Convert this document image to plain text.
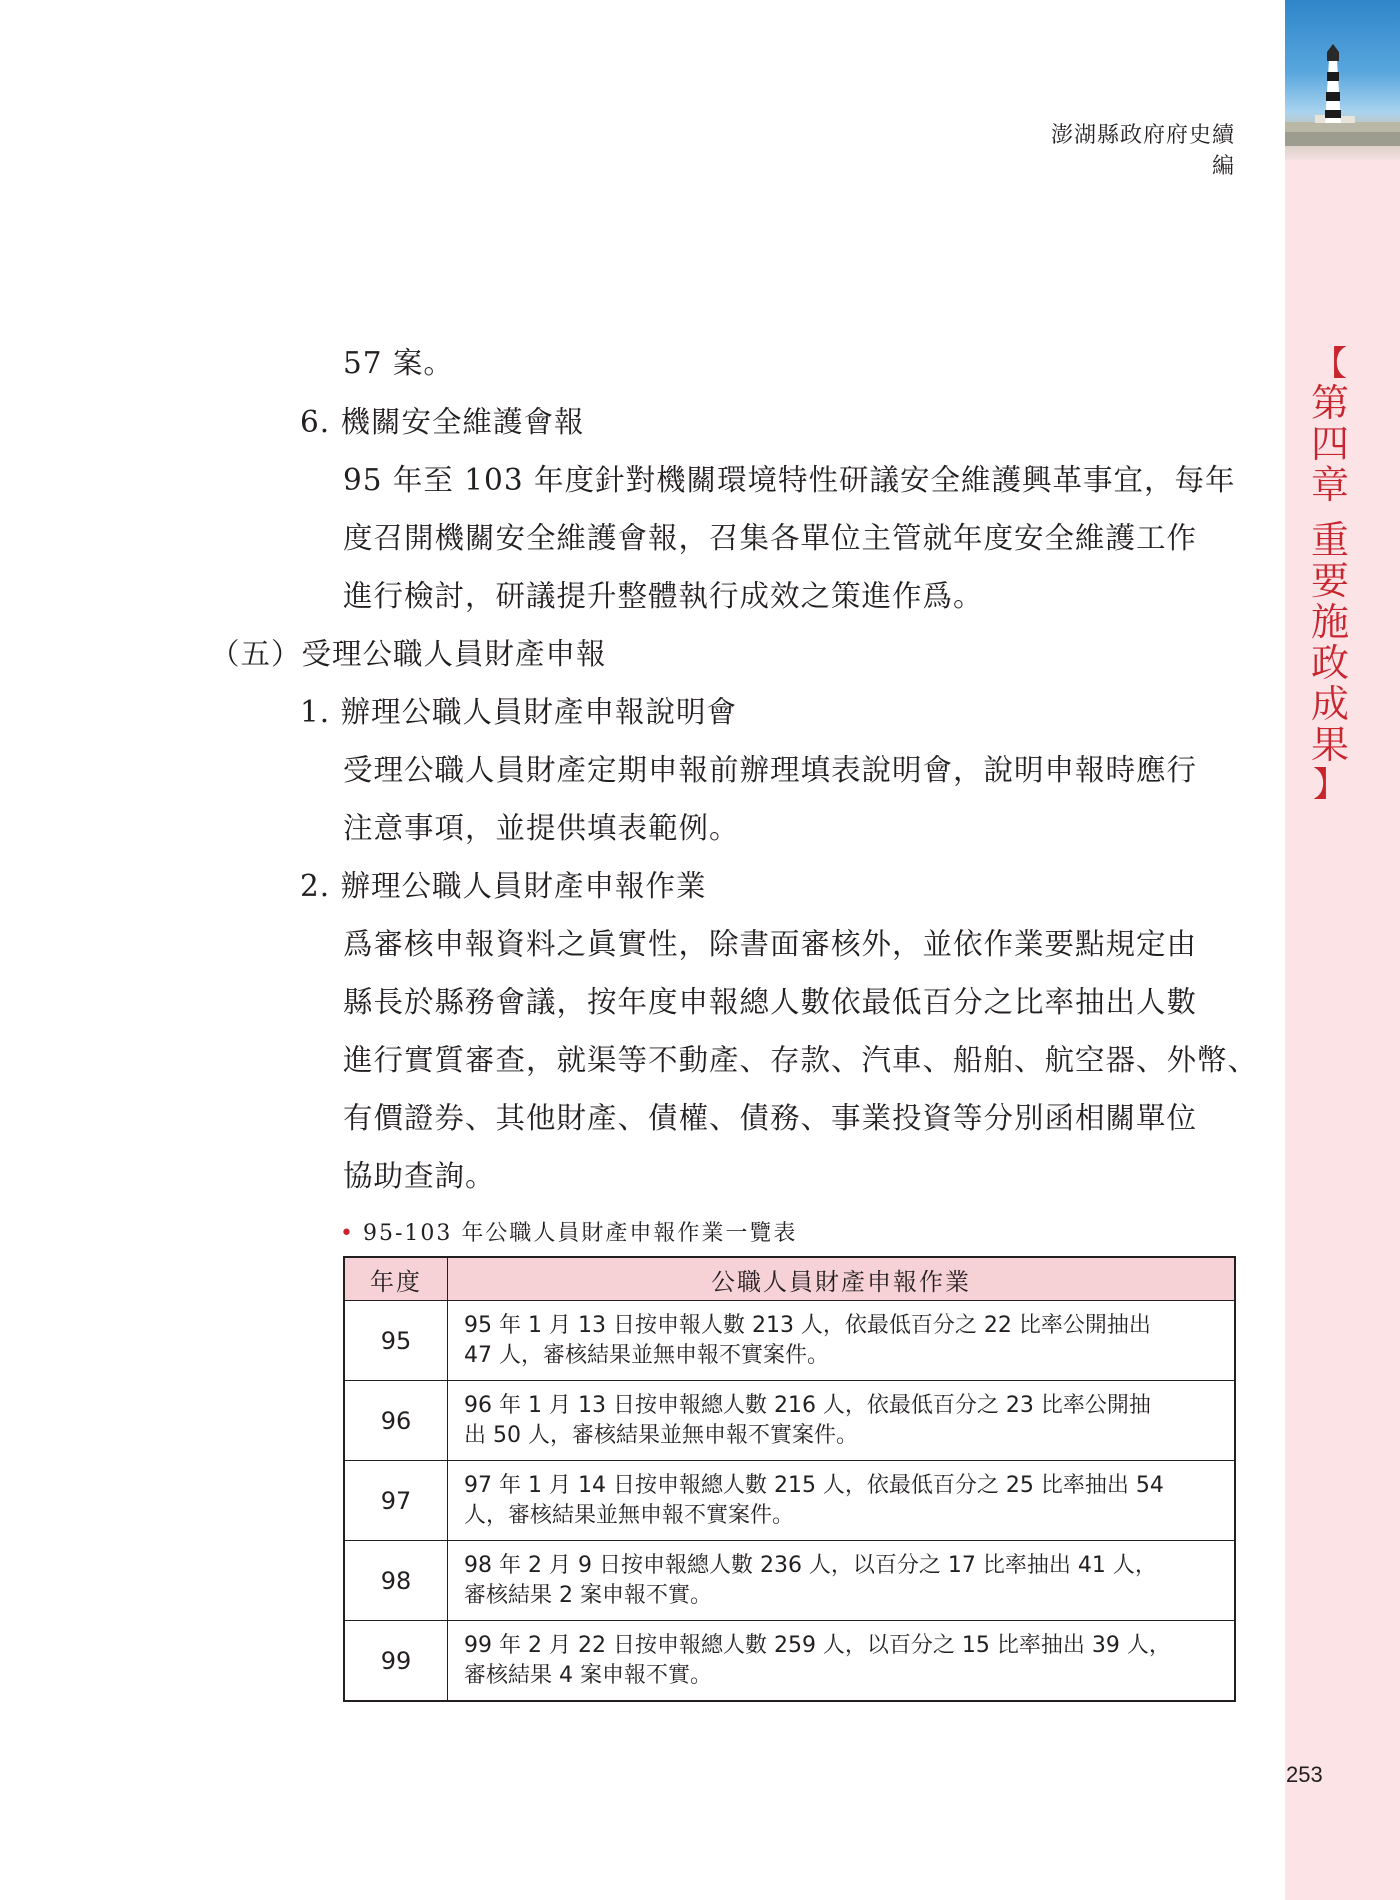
澎湖縣政府府史續編
【
第
四
章

重
要
施
政
成
果
】
57 案。
6. 機關安全維護會報
95 年至 103 年度針對機關環境特性研議安全維護興革事宜，每年
度召開機關安全維護會報，召集各單位主管就年度安全維護工作
進行檢討，研議提升整體執行成效之策進作爲。
（五）受理公職人員財產申報
1. 辦理公職人員財產申報說明會
受理公職人員財產定期申報前辦理填表說明會，說明申報時應行
注意事項，並提供填表範例。
2. 辦理公職人員財產申報作業
爲審核申報資料之眞實性，除書面審核外，並依作業要點規定由
縣長於縣務會議，按年度申報總人數依最低百分之比率抽出人數
進行實質審查，就渠等不動產、存款、汽車、船舶、航空器、外幣、
有價證券、其他財產、債權、債務、事業投資等分別函相關單位
協助查詢。
• 95-103 年公職人員財產申報作業一覽表
年度	公職人員財產申報作業
95	95 年 1 月 13 日按申報人數 213 人，依最低百分之 22 比率公開抽出
47 人，審核結果並無申報不實案件。

96	96 年 1 月 13 日按申報總人數 216 人，依最低百分之 23 比率公開抽
出 50 人，審核結果並無申報不實案件。

97	97 年 1 月 14 日按申報總人數 215 人，依最低百分之 25 比率抽出 54
人，審核結果並無申報不實案件。

98	98 年 2 月 9 日按申報總人數 236 人，以百分之 17 比率抽出 41 人，
審核結果 2 案申報不實。

99	99 年 2 月 22 日按申報總人數 259 人，以百分之 15 比率抽出 39 人，
審核結果 4 案申報不實。
253
